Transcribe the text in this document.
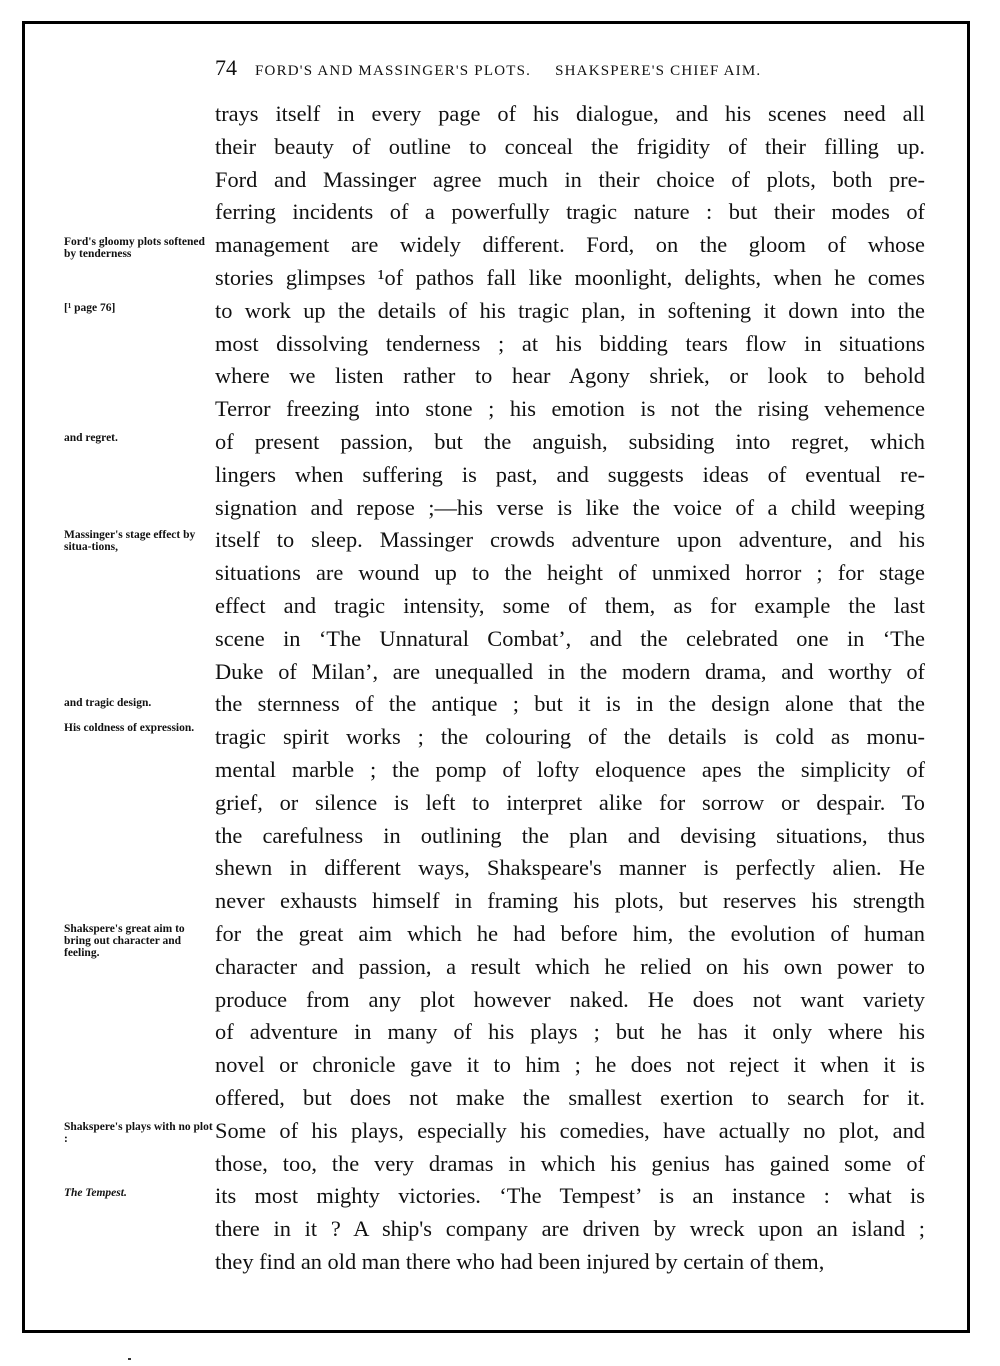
74 FORD'S AND MASSINGER'S PLOTS. SHAKSPERE'S CHIEF AIM.
Ford's gloomy plots softened by tenderness
[¹ page 76]
and regret.
Massinger's stage effect by situa-tions,
and tragic design.
His coldness of expression.
Shakspere's great aim to bring out character and feeling.
Shakspere's plays with no plot :
The Tempest.
trays itself in every page of his dialogue, and his scenes need all
their beauty of outline to conceal the frigidity of their filling up.
Ford and Massinger agree much in their choice of plots, both pre-
ferring incidents of a powerfully tragic nature : but their modes of
management are widely different. Ford, on the gloom of whose
stories glimpses ¹of pathos fall like moonlight, delights, when he comes
to work up the details of his tragic plan, in softening it down into the
most dissolving tenderness ; at his bidding tears flow in situations
where we listen rather to hear Agony shriek, or look to behold
Terror freezing into stone ; his emotion is not the rising vehemence
of present passion, but the anguish, subsiding into regret, which
lingers when suffering is past, and suggests ideas of eventual re-
signation and repose ;—his verse is like the voice of a child weeping
itself to sleep. Massinger crowds adventure upon adventure, and his
situations are wound up to the height of unmixed horror ; for stage
effect and tragic intensity, some of them, as for example the last
scene in ‘The Unnatural Combat’, and the celebrated one in ‘The
Duke of Milan’, are unequalled in the modern drama, and worthy of
the sternness of the antique ; but it is in the design alone that the
tragic spirit works ; the colouring of the details is cold as monu-
mental marble ; the pomp of lofty eloquence apes the simplicity of
grief, or silence is left to interpret alike for sorrow or despair. To
the carefulness in outlining the plan and devising situations, thus
shewn in different ways, Shakspeare's manner is perfectly alien. He
never exhausts himself in framing his plots, but reserves his strength
for the great aim which he had before him, the evolution of human
character and passion, a result which he relied on his own power to
produce from any plot however naked. He does not want variety
of adventure in many of his plays ; but he has it only where his
novel or chronicle gave it to him ; he does not reject it when it is
offered, but does not make the smallest exertion to search for it.
Some of his plays, especially his comedies, have actually no plot, and
those, too, the very dramas in which his genius has gained some of
its most mighty victories. ‘The Tempest’ is an instance : what is
there in it ? A ship's company are driven by wreck upon an island ;
they find an old man there who had been injured by certain of them,
